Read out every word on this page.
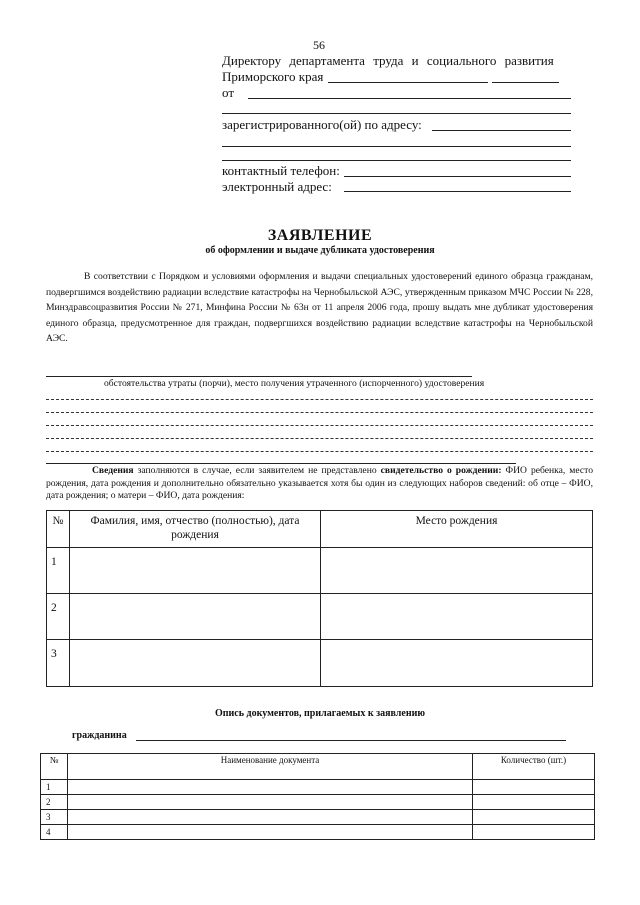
56
Директору департамента труда и социального развития
Приморского края
от
зарегистрированного(ой) по адресу:
контактный телефон:
электронный адрес:
ЗАЯВЛЕНИЕ
об оформлении и выдаче дубликата удостоверения
В соответствии с Порядком и условиями оформления и выдачи специальных удостоверений единого образца гражданам, подвергшимся воздействию радиации вследствие катастрофы на Чернобыльской АЭС, утвержденным приказом МЧС России № 228, Минздравсоцразвития России № 271, Минфина России № 63н от 11 апреля 2006 года, прошу выдать мне дубликат удостоверения единого образца, предусмотренное для граждан, подвергшихся воздействию радиации вследствие катастрофы на Чернобыльской АЭС.
обстоятельства утраты (порчи), место получения утраченного (испорченного) удостоверения
Сведения заполняются в случае, если заявителем не представлено свидетельство о рождении: ФИО ребенка, место рождения, дата рождения и дополнительно обязательно указывается хотя бы один из следующих наборов сведений: об отце – ФИО, дата рождения; о матери – ФИО, дата рождения:
№	Фамилия, имя, отчество (полностью), дата рождения	Место рождения
1		
2		
3		
Опись документов, прилагаемых к заявлению
гражданина
№	Наименование документа	Количество (шт.)
1		
2		
3		
4		
